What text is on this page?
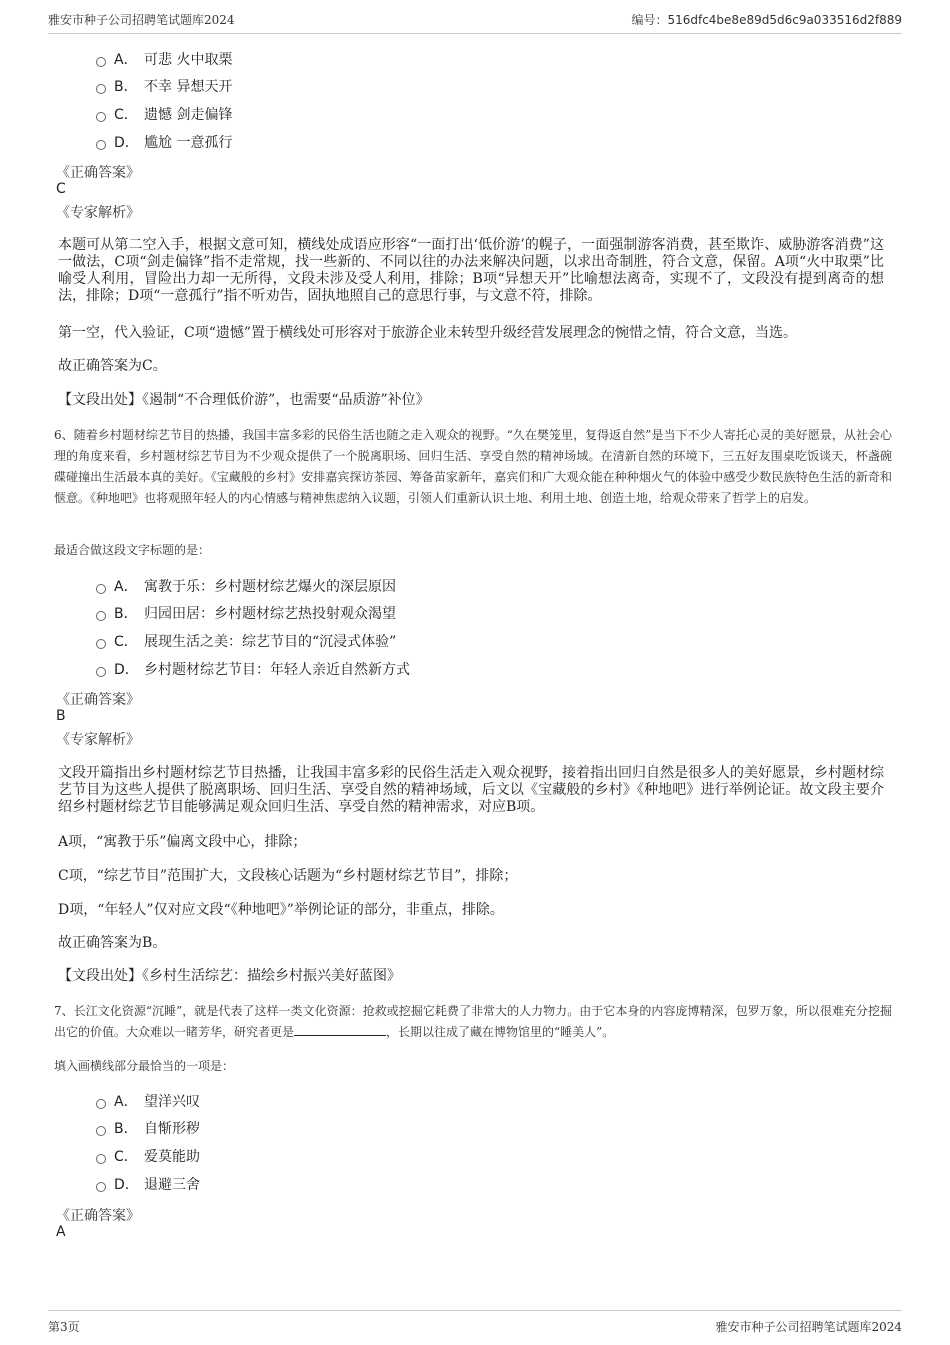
雅安市种子公司招聘笔试题库2024	编号：516dfc4be8e89d5d6c9a033516d2f889
A． 可悲 火中取栗
B． 不幸 异想天开
C． 遗憾 剑走偏锋
D． 尴尬 一意孤行
《正确答案》
C
《专家解析》
本题可从第二空入手，根据文意可知，横线处成语应形容“一面打出‘低价游’的幌子，一面强制游客消费，甚至欺诈、威胁游客消费”这一做法，C项“剑走偏锋”指不走常规，找一些新的、不同以往的办法来解决问题，以求出奇制胜，符合文意，保留。A项“火中取栗”比喻受人利用，冒险出力却一无所得，文段未涉及受人利用，排除；B项“异想天开”比喻想法离奇，实现不了，文段没有提到离奇的想法，排除；D项“一意孤行”指不听劝告，固执地照自己的意思行事，与文意不符，排除。
第一空，代入验证，C项“遗憾”置于横线处可形容对于旅游企业未转型升级经营发展理念的惋惜之情，符合文意，当选。
故正确答案为C。
【文段出处】《遏制“不合理低价游”，也需要“品质游”补位》
6、随着乡村题材综艺节目的热播，我国丰富多彩的民俗生活也随之走入观众的视野。“久在樊笼里，复得返自然”是当下不少人寄托心灵的美好愿景，从社会心理的角度来看，乡村题材综艺节目为不少观众提供了一个脱离职场、回归生活、享受自然的精神场域。在清新自然的环境下，三五好友围桌吃饭谈天，杯盏碗碟碰撞出生活最本真的美好。《宝藏般的乡村》安排嘉宾探访茶园、筹备苗家新年，嘉宾们和广大观众能在种种烟火气的体验中感受少数民族特色生活的新奇和惬意。《种地吧》也将观照年轻人的内心情感与精神焦虑纳入议题，引领人们重新认识土地、利用土地、创造土地，给观众带来了哲学上的启发。
最适合做这段文字标题的是：
A． 寓教于乐：乡村题材综艺爆火的深层原因
B． 归园田居：乡村题材综艺热投射观众渴望
C． 展现生活之美：综艺节目的“沉浸式体验”
D． 乡村题材综艺节目：年轻人亲近自然新方式
《正确答案》
B
《专家解析》
文段开篇指出乡村题材综艺节目热播，让我国丰富多彩的民俗生活走入观众视野，接着指出回归自然是很多人的美好愿景，乡村题材综艺节目为这些人提供了脱离职场、回归生活、享受自然的精神场域，后文以《宝藏般的乡村》《种地吧》进行举例论证。故文段主要介绍乡村题材综艺节目能够满足观众回归生活、享受自然的精神需求，对应B项。
A项，“寓教于乐”偏离文段中心，排除；
C项，“综艺节目”范围扩大，文段核心话题为“乡村题材综艺节目”，排除；
D项，“年轻人”仅对应文段“《种地吧》”举例论证的部分，非重点，排除。
故正确答案为B。
【文段出处】《乡村生活综艺：描绘乡村振兴美好蓝图》
7、长江文化资源“沉睡”，就是代表了这样一类文化资源：抢救或挖掘它耗费了非常大的人力物力。由于它本身的内容庞博精深，包罗万象，所以很难充分挖掘出它的价值。大众难以一睹芳华，研究者更是	，长期以往成了藏在博物馆里的“睡美人”。
填入画横线部分最恰当的一项是：
A． 望洋兴叹
B． 自惭形秽
C． 爱莫能助
D． 退避三舍
《正确答案》
A
第3页	雅安市种子公司招聘笔试题库2024
